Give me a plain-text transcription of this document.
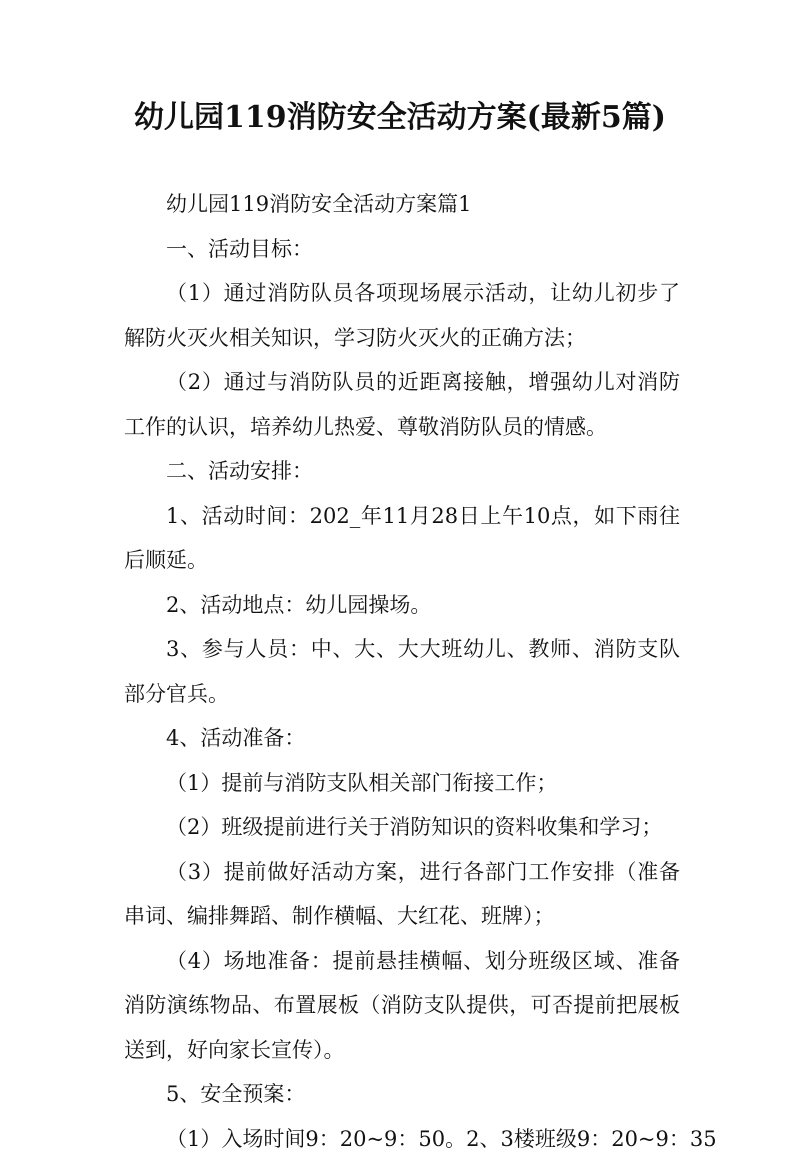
幼儿园119消防安全活动方案(最新5篇)

幼儿园119消防安全活动方案篇1

一、活动目标：

（1）通过消防队员各项现场展示活动，让幼儿初步了解防火灭火相关知识，学习防火灭火的正确方法；

（2）通过与消防队员的近距离接触，增强幼儿对消防工作的认识，培养幼儿热爱、尊敬消防队员的情感。

二、活动安排：

1、活动时间：202_年11月28日上午10点，如下雨往后顺延。

2、活动地点：幼儿园操场。

3、参与人员：中、大、大大班幼儿、教师、消防支队部分官兵。

4、活动准备：

（1）提前与消防支队相关部门衔接工作；

（2）班级提前进行关于消防知识的资料收集和学习；

（3）提前做好活动方案，进行各部门工作安排（准备串词、编排舞蹈、制作横幅、大红花、班牌）；

（4）场地准备：提前悬挂横幅、划分班级区域、准备消防演练物品、布置展板（消防支队提供，可否提前把展板送到，好向家长宣传）。

5、安全预案：

（1）入场时间9：20~9：50。2、3楼班级9：20~9：35
